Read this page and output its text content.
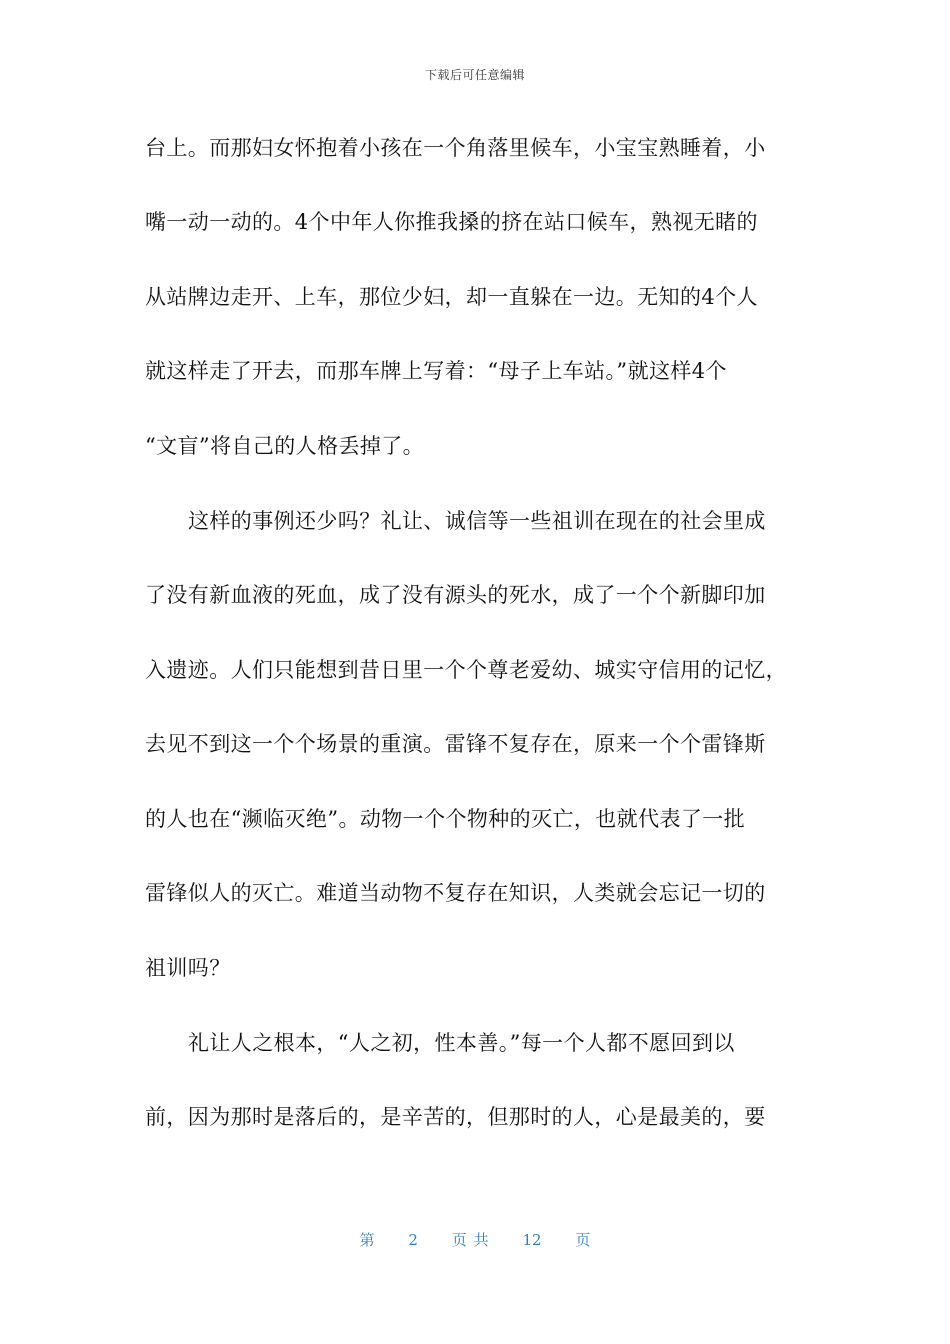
下载后可任意编辑
台上。而那妇女怀抱着小孩在一个角落里候车，小宝宝熟睡着，小
嘴一动一动的。4个中年人你推我搡的挤在站口候车，熟视无睹的
从站牌边走开、上车，那位少妇，却一直躲在一边。无知的4个人
就这样走了开去，而那车牌上写着：“母子上车站。”就这样4个
“文盲”将自己的人格丢掉了。
这样的事例还少吗？礼让、诚信等一些祖训在现在的社会里成
了没有新血液的死血，成了没有源头的死水，成了一个个新脚印加
入遗迹。人们只能想到昔日里一个个尊老爱幼、城实守信用的记忆，
去见不到这一个个场景的重演。雷锋不复存在，原来一个个雷锋斯
的人也在“濒临灭绝”。动物一个个物种的灭亡，也就代表了一批
雷锋似人的灭亡。难道当动物不复存在知识，人类就会忘记一切的
祖训吗？
礼让人之根本，“人之初，性本善。”每一个人都不愿回到以
前，因为那时是落后的，是辛苦的，但那时的人，心是最美的，要
第 2 页 共 12 页
